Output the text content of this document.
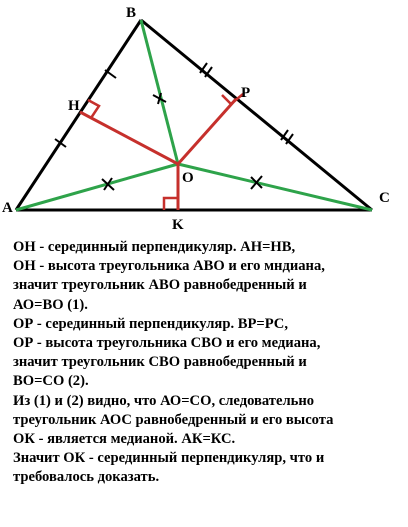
A
B
C
O
H
P
K
ОН - серединный перпендикуляр. АН=НВ,
ОН - высота треугольника АВО и его мндиана,
значит треугольник АВО равнобедренный и
АО=ВО (1).
ОР - серединный перпендикуляр. ВР=РС,
ОР - высота треугольника СВО и его медиана,
значит треугольник СВО равнобедренный и
ВО=СО (2).
Из (1) и (2) видно, что АО=СО, следовательно
треугольник АОС равнобедренный и его высота
ОК - является медианой. АК=КС.
Значит ОК - серединный перпендикуляр, что и
требовалось доказать.
